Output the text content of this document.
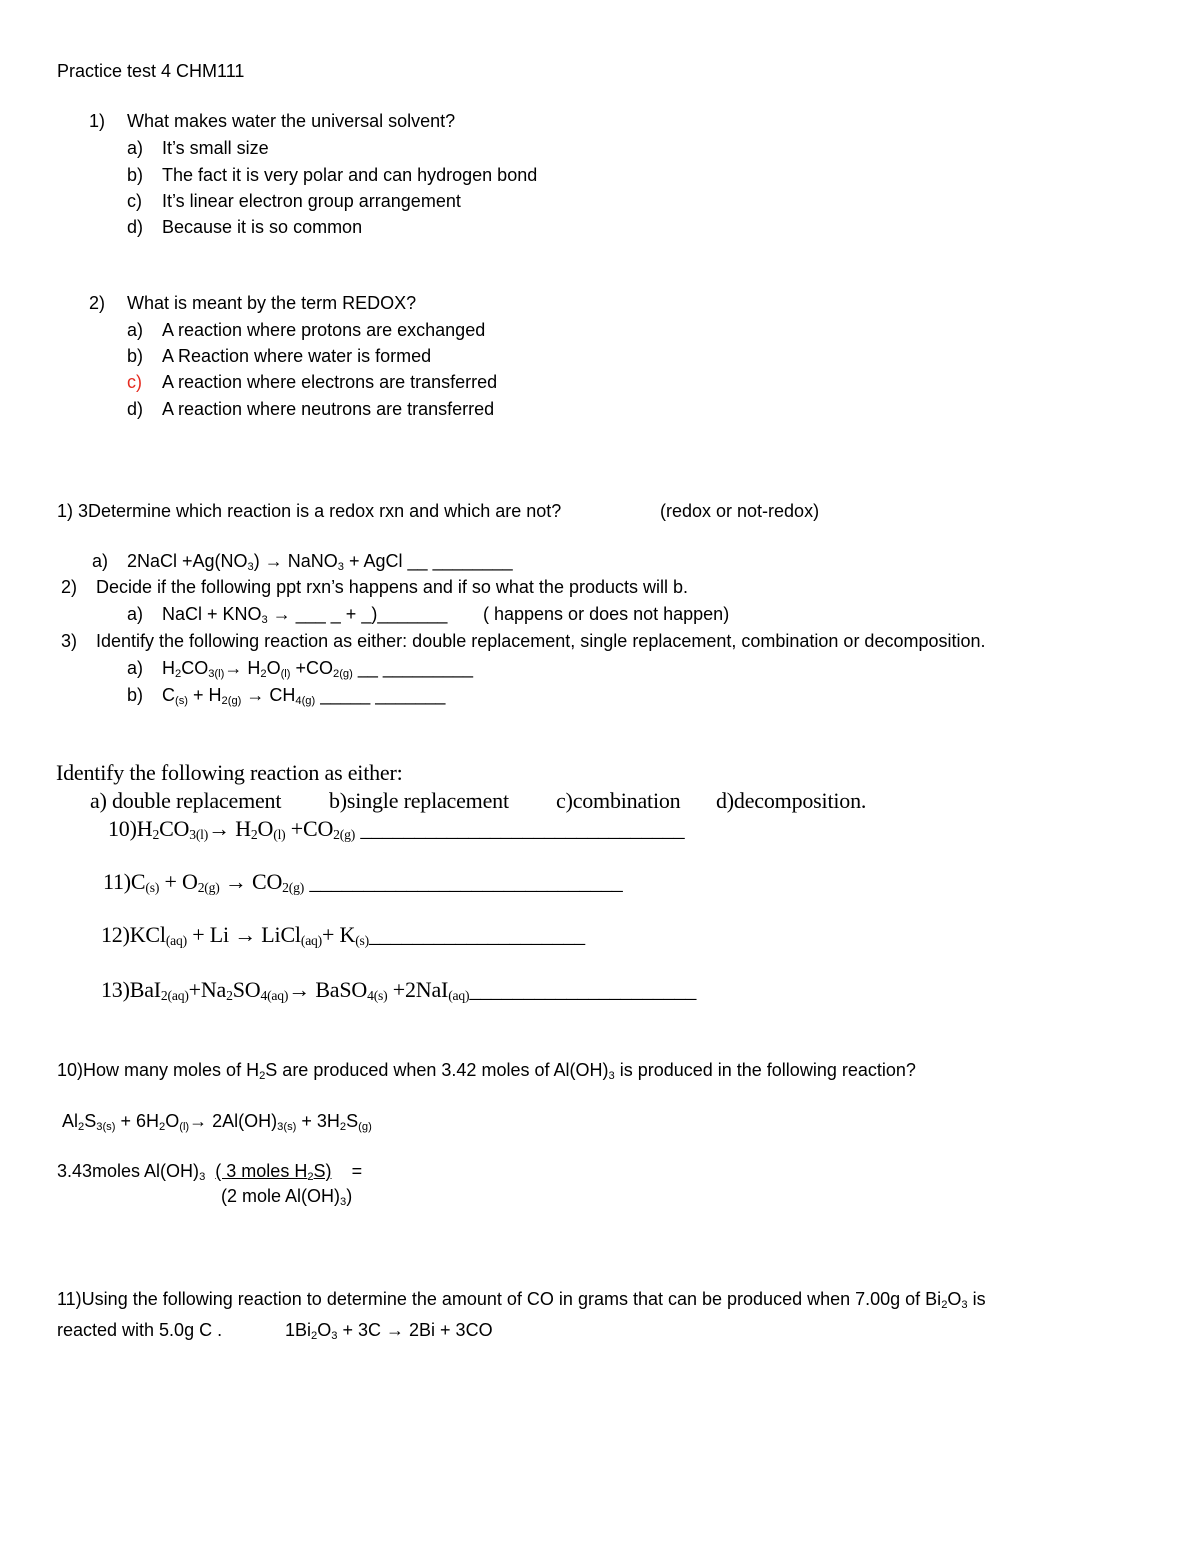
Practice test 4 CHM111
1) What makes water the universal solvent?
a) It’s small size
b) The fact it is very polar and can hydrogen bond
c) It’s linear electron group arrangement
d) Because it is so common
2) What is meant by the term REDOX?
a) A reaction where protons are exchanged
b) A Reaction where water is formed
c) A reaction where electrons are transferred
d) A reaction where neutrons are transferred
1) 3Determine which reaction is a redox rxn and which are not?	(redox or not-redox)
a) 2NaCl $+Ag(NO_3)$ → NaNO$_3$ + AgCl __ ________
2) Decide if the following ppt rxn’s happens and if so what the products will b.
a) NaCl + $KNO_3$ → ___ _ + _)_______ ( happens or does not happen)
3) Identify the following reaction as either: double replacement, single replacement, combination or decomposition.
a) $H_2CO_{3(l)}\to H_2O_{(l)} +CO_{2(g)}$ __ _________
b) $C_{(s)} + H_{2(g)} \to CH_{4(g)}$ _____ _______
Identify the following reaction as either:
a) double replacement b)single replacement c)combination d)decomposition.
$10)H_2CO_{3(l)}\to H_2O_{(l)} +CO_{2(g)}$ ______________________________
$11)C_{(s)} + O_{2(g)} \to CO_{2(g)}$ _____________________________
12)KCl$_{(aq)}$ + Li → LiCl$_{(aq)}$+ $K_{(s)}\_\_\_\_\_\_\_\_\_\_\_\_\_\_\_\_\_\_\_\_$
$13)BaI_{2(aq)}+Na_2SO_{4(aq)}\to$ BaSO$_{4(s)}$ +2NaI$_{(aq)}$_____________________
10)How many moles of $H_2S$ are produced when 3.42 moles of $Al(OH)_3$ is produced in the following reaction?
$Al_2S_{3(s)} + 6H_2O_{(l)}\to 2Al(OH)_{3(s)} + 3H_2S_{(g)}$
3.43moles $Al(OH)_3$ ( 3 moles $H_2S$) =
(2 mole $Al(OH)_3$)
11)Using the following reaction to determine the amount of CO in grams that can be produced when 7.00g of $Bi_2O_3$ is
reacted with 5.0g C .	$1Bi_2O_3 + 3C \to 2Bi + 3CO$
